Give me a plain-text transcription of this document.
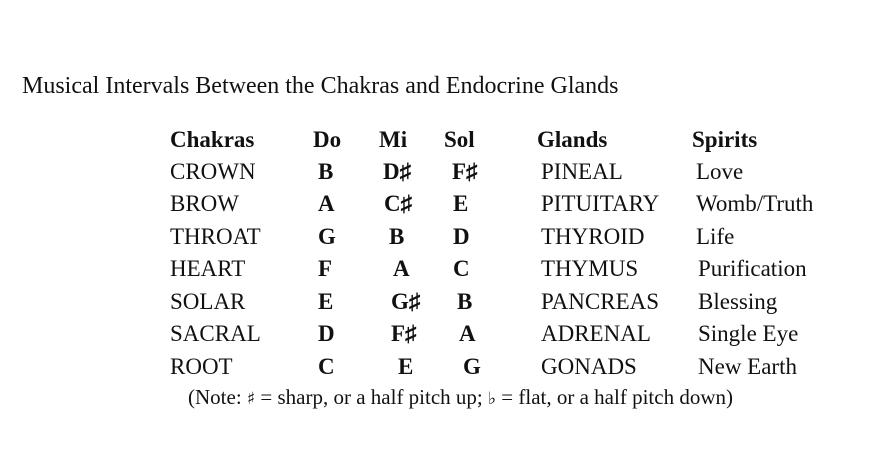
Musical Intervals Between the Chakras and Endocrine Glands
Chakras	Do Mi Sol	Glands	Spirits
CROWN	B D♯ F♯	PINEAL	Love
BROW	A C♯ E	PITUITARY Womb/Truth
THROAT G B D	THYROID Life
HEART	F	A C	THYMUS	Purification
SOLAR	E	G♯ B	PANCREAS Blessing
SACRAL D F♯ A	ADRENAL Single Eye
ROOT	C	E G	GONADS	New Earth
(Note: ♯ = sharp, or a half pitch up; ♭ = flat, or a half pitch down)
